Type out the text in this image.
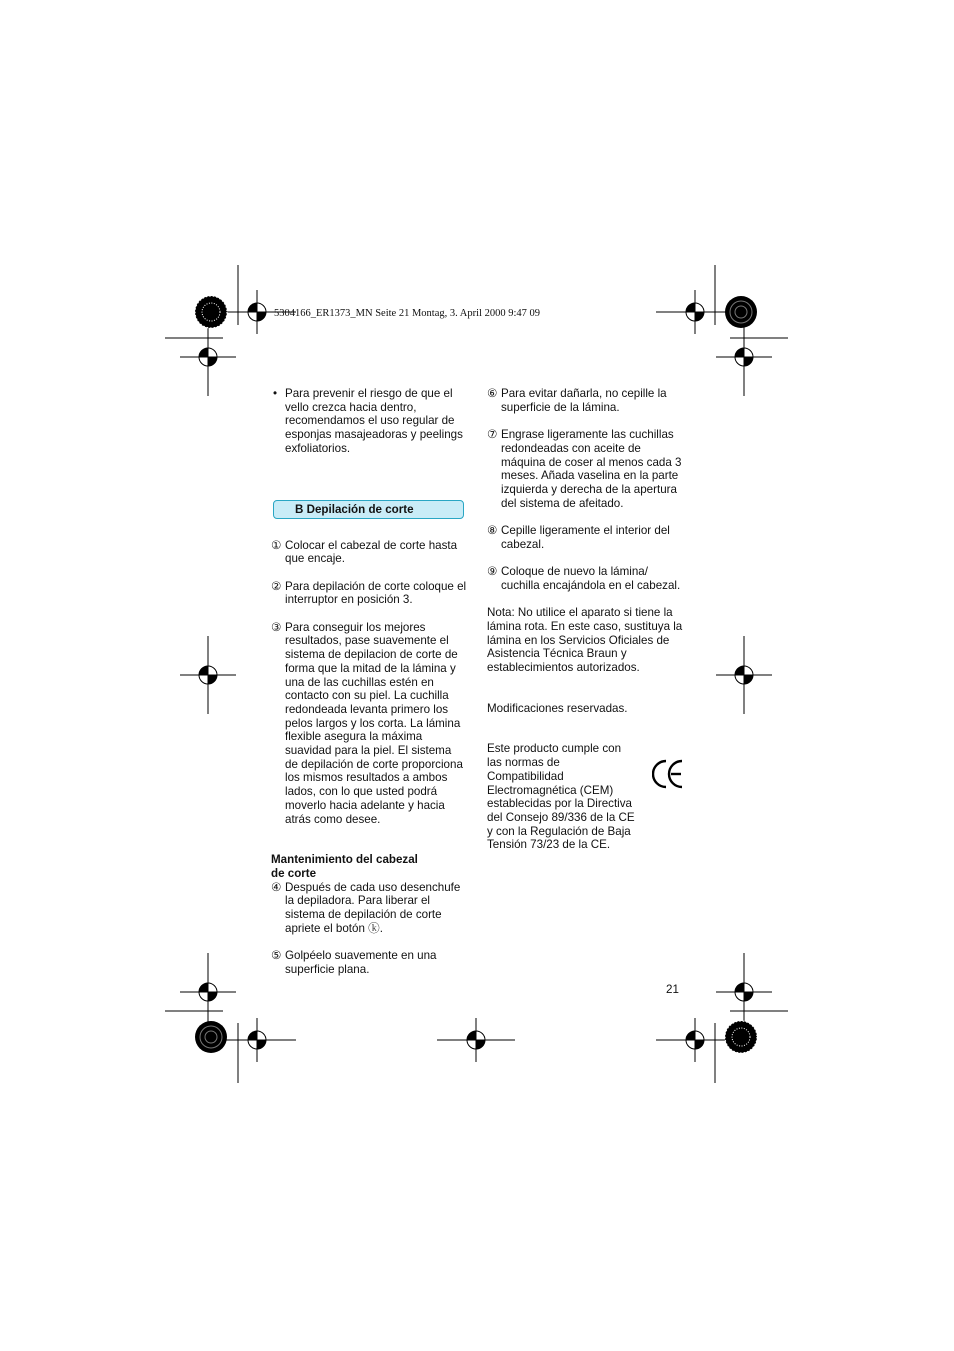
5304166_ER1373_MN Seite 21 Montag, 3. April 2000 9:47 09
• Para prevenir el riesgo de que el vello crezca hacia dentro, recomendamos el uso regular de esponjas masajeadoras y peelings exfoliatorios.
B Depilación de corte
① Colocar el cabezal de corte hasta que encaje.
② Para depilación de corte coloque el interruptor en posición 3.
③ Para conseguir los mejores resultados, pase suavemente el sistema de depilacion de corte de forma que la mitad de la lámina y una de las cuchillas estén en contacto con su piel. La cuchilla redondeada levanta primero los pelos largos y los corta. La lámina flexible asegura la máxima suavidad para la piel. El sistema de depilación de corte proporciona los mismos resultados a ambos lados, con lo que usted podrá moverlo hacia adelante y hacia atrás como desee.
Mantenimiento del cabezal
de corte
④ Después de cada uso desenchufe la depiladora. Para liberar el sistema de depilación de corte apriete el botón ⓚ.
⑤ Golpéelo suavemente en una superficie plana.
⑥ Para evitar dañarla, no cepille la superficie de la lámina.
⑦ Engrase ligeramente las cuchillas redondeadas con aceite de máquina de coser al menos cada 3 meses. Añada vaselina en la parte izquierda y derecha de la apertura del sistema de afeitado.
⑧ Cepille ligeramente el interior del cabezal.
⑨ Coloque de nuevo la lámina/ cuchilla encajándola en el cabezal.

Nota: No utilice el aparato si tiene la lámina rota. En este caso, sustituya la lámina en los Servicios Oficiales de Asistencia Técnica Braun y establecimientos autorizados.

Modificaciones reservadas.

Este producto cumple con las normas de Compatibilidad Electromagnética (CEM) establecidas por la Directiva del Consejo 89/336 de la CE y con la Regulación de Baja Tensión 73/23 de la CE.

21
